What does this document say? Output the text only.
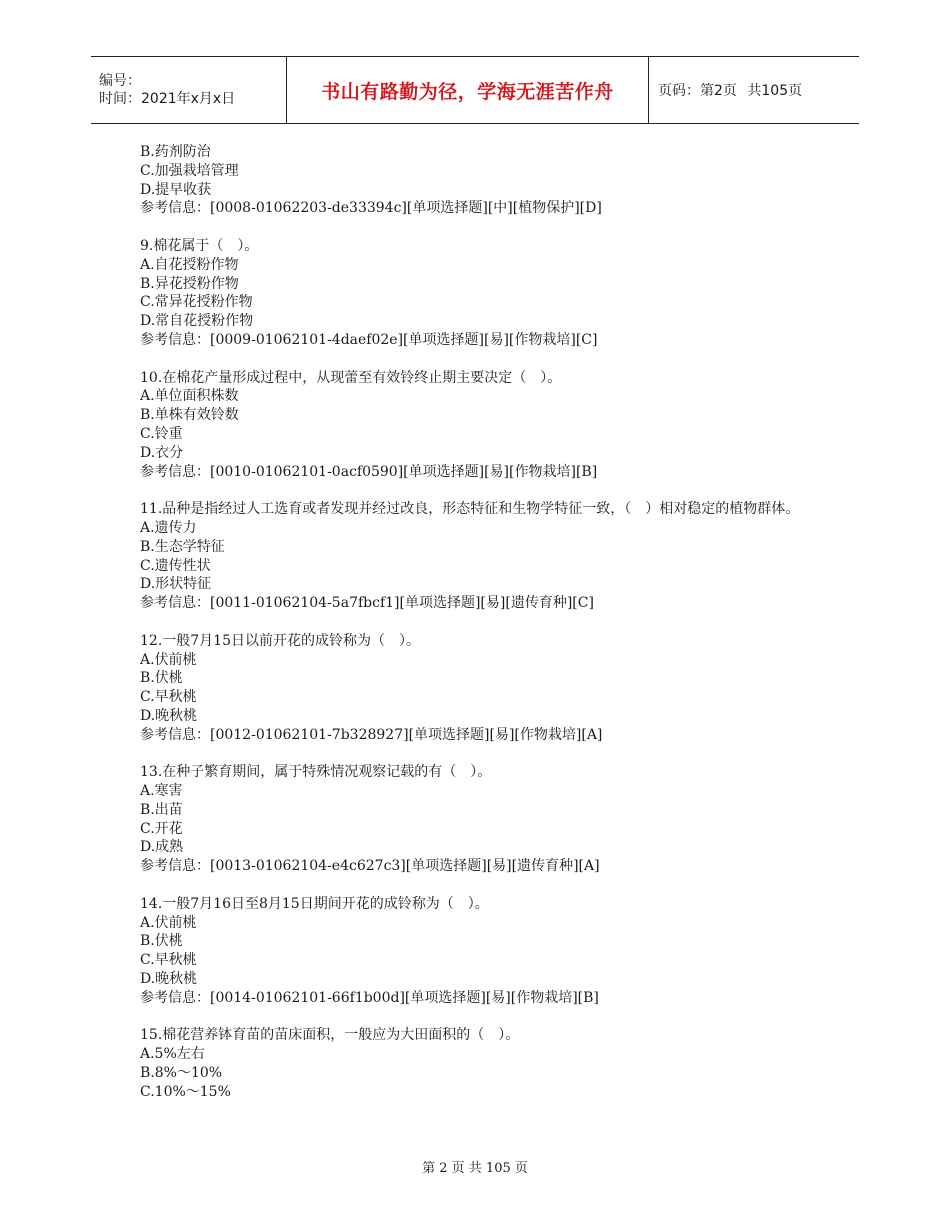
编号：
时间：2021年x月x日	书山有路勤为径，学海无涯苦作舟	页码：第2页 共105页
B.药剂防治
C.加强栽培管理
D.提早收获
参考信息：[0008-01062203-de33394c][单项选择题][中][植物保护][D]
9.棉花属于（　）。
A.自花授粉作物
B.异花授粉作物
C.常异花授粉作物
D.常自花授粉作物
参考信息：[0009-01062101-4daef02e][单项选择题][易][作物栽培][C]
10.在棉花产量形成过程中，从现蕾至有效铃终止期主要决定（　）。
A.单位面积株数
B.单株有效铃数
C.铃重
D.衣分
参考信息：[0010-01062101-0acf0590][单项选择题][易][作物栽培][B]
11.品种是指经过人工选育或者发现并经过改良，形态特征和生物学特征一致，（　）相对稳定的植物群体。
A.遗传力
B.生态学特征
C.遗传性状
D.形状特征
参考信息：[0011-01062104-5a7fbcf1][单项选择题][易][遗传育种][C]
12.一般7月15日以前开花的成铃称为（　）。
A.伏前桃
B.伏桃
C.早秋桃
D.晚秋桃
参考信息：[0012-01062101-7b328927][单项选择题][易][作物栽培][A]
13.在种子繁育期间，属于特殊情况观察记载的有（　）。
A.寒害
B.出苗
C.开花
D.成熟
参考信息：[0013-01062104-e4c627c3][单项选择题][易][遗传育种][A]
14.一般7月16日至8月15日期间开花的成铃称为（　）。
A.伏前桃
B.伏桃
C.早秋桃
D.晚秋桃
参考信息：[0014-01062101-66f1b00d][单项选择题][易][作物栽培][B]
15.棉花营养钵育苗的苗床面积，一般应为大田面积的（　）。
A.5%左右
B.8%～10%
C.10%～15%
第 2 页 共 105 页
